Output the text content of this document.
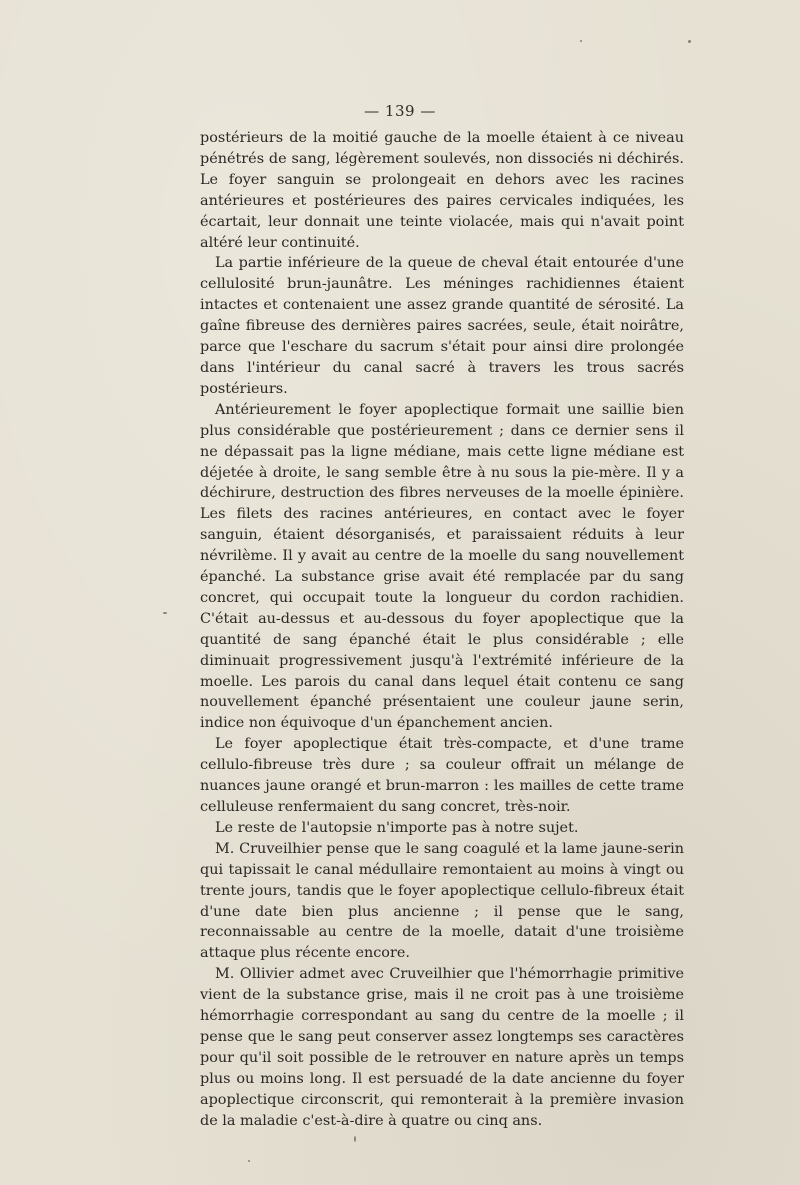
— 139 —

postérieurs de la moitié gauche de la moelle étaient à ce niveau pénétrés de sang, légèrement soulevés, non dissociés ni déchirés. Le foyer sanguin se prolongeait en dehors avec les racines antérieures et postérieures des paires cervicales indiquées, les écartait, leur donnait une teinte violacée, mais qui n'avait point altéré leur continuité.

La partie inférieure de la queue de cheval était entourée d'une cellulosité brun-jaunâtre. Les méninges rachidiennes étaient intactes et contenaient une assez grande quantité de sérosité. La gaîne fibreuse des dernières paires sacrées, seule, était noirâtre, parce que l'eschare du sacrum s'était pour ainsi dire prolongée dans l'intérieur du canal sacré à travers les trous sacrés postérieurs.

Antérieurement le foyer apoplectique formait une saillie bien plus considérable que postérieurement ; dans ce dernier sens il ne dépassait pas la ligne médiane, mais cette ligne médiane est déjetée à droite, le sang semble être à nu sous la pie-mère. Il y a déchirure, destruction des fibres nerveuses de la moelle épinière. Les filets des racines antérieures, en contact avec le foyer sanguin, étaient désorganisés, et paraissaient réduits à leur névrilème. Il y avait au centre de la moelle du sang nouvellement épanché. La substance grise avait été remplacée par du sang concret, qui occupait toute la longueur du cordon rachidien. C'était au-dessus et au-dessous du foyer apoplectique que la quantité de sang épanché était le plus considérable ; elle diminuait progressivement jusqu'à l'extrémité inférieure de la moelle. Les parois du canal dans lequel était contenu ce sang nouvellement épanché présentaient une couleur jaune serin, indice non équivoque d'un épanchement ancien.

Le foyer apoplectique était très-compacte, et d'une trame cellulo-fibreuse très dure ; sa couleur offrait un mélange de nuances jaune orangé et brun-marron : les mailles de cette trame celluleuse renfermaient du sang concret, très-noir.

Le reste de l'autopsie n'importe pas à notre sujet.

M. Cruveilhier pense que le sang coagulé et la lame jaune-serin qui tapissait le canal médullaire remontaient au moins à vingt ou trente jours, tandis que le foyer apoplectique cellulo-fibreux était d'une date bien plus ancienne ; il pense que le sang, reconnaissable au centre de la moelle, datait d'une troisième attaque plus récente encore.

M. Ollivier admet avec Cruveilhier que l'hémorrhagie primitive vient de la substance grise, mais il ne croit pas à une troisième hémorrhagie correspondant au sang du centre de la moelle ; il pense que le sang peut conserver assez longtemps ses caractères pour qu'il soit possible de le retrouver en nature après un temps plus ou moins long. Il est persuadé de la date ancienne du foyer apoplectique circonscrit, qui remonterait à la première invasion de la maladie c'est-à-dire à quatre ou cinq ans.
